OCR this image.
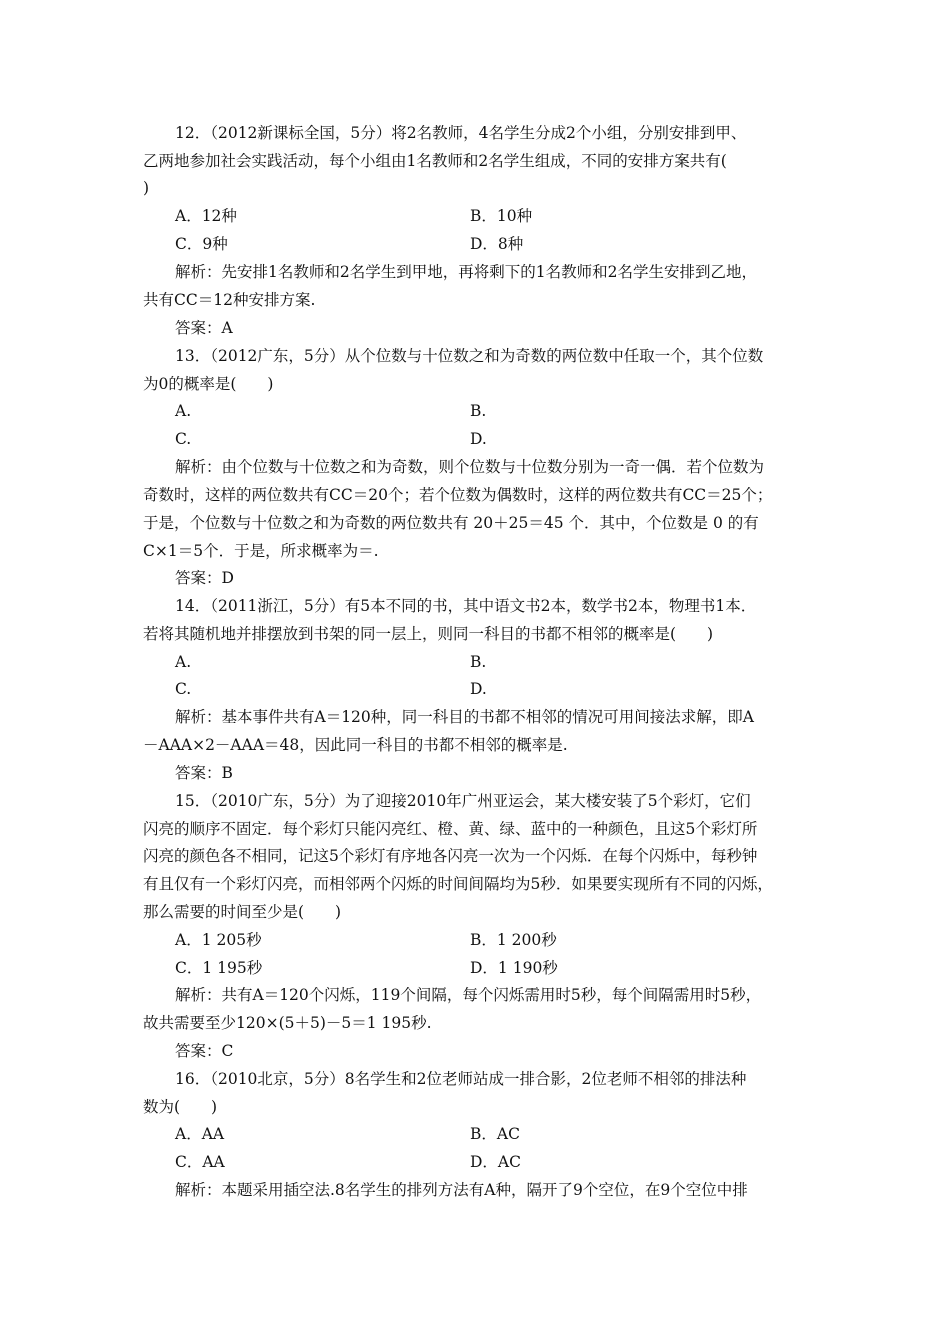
12．（2012新课标全国，5分）将2名教师，4名学生分成2个小组，分别安排到甲、
乙两地参加社会实践活动，每个小组由1名教师和2名学生组成，不同的安排方案共有(
)
A．12种	B．10种
C．9种	D．8种
解析：先安排1名教师和2名学生到甲地，再将剩下的1名教师和2名学生安排到乙地，
共有CC＝12种安排方案.
答案：A
13．（2012广东，5分）从个位数与十位数之和为奇数的两位数中任取一个，其个位数
为0的概率是(　　)
A.	B.
C.	D.
解析：由个位数与十位数之和为奇数，则个位数与十位数分别为一奇一偶．若个位数为
奇数时，这样的两位数共有CC＝20个；若个位数为偶数时，这样的两位数共有CC＝25个；
于是，个位数与十位数之和为奇数的两位数共有 20＋25＝45 个．其中，个位数是 0 的有
C×1＝5个．于是，所求概率为＝.
答案：D
14．（2011浙江，5分）有5本不同的书，其中语文书2本，数学书2本，物理书1本．
若将其随机地并排摆放到书架的同一层上，则同一科目的书都不相邻的概率是(　　)
A.	B.
C.	D.
解析：基本事件共有A＝120种，同一科目的书都不相邻的情况可用间接法求解，即A
－AAA×2－AAA＝48，因此同一科目的书都不相邻的概率是.
答案：B
15．（2010广东，5分）为了迎接2010年广州亚运会，某大楼安装了5个彩灯，它们
闪亮的顺序不固定．每个彩灯只能闪亮红、橙、黄、绿、蓝中的一种颜色，且这5个彩灯所
闪亮的颜色各不相同，记这5个彩灯有序地各闪亮一次为一个闪烁．在每个闪烁中，每秒钟
有且仅有一个彩灯闪亮，而相邻两个闪烁的时间间隔均为5秒．如果要实现所有不同的闪烁，
那么需要的时间至少是(　　)
A．1 205秒	B．1 200秒
C．1 195秒	D．1 190秒
解析：共有A＝120个闪烁，119个间隔，每个闪烁需用时5秒，每个间隔需用时5秒，
故共需要至少120×(5＋5)－5＝1 195秒.
答案：C
16．（2010北京，5分）8名学生和2位老师站成一排合影，2位老师不相邻的排法种
数为(　　)
A．AA	B．AC
C．AA	D．AC
解析：本题采用插空法.8名学生的排列方法有A种，隔开了9个空位，在9个空位中排
